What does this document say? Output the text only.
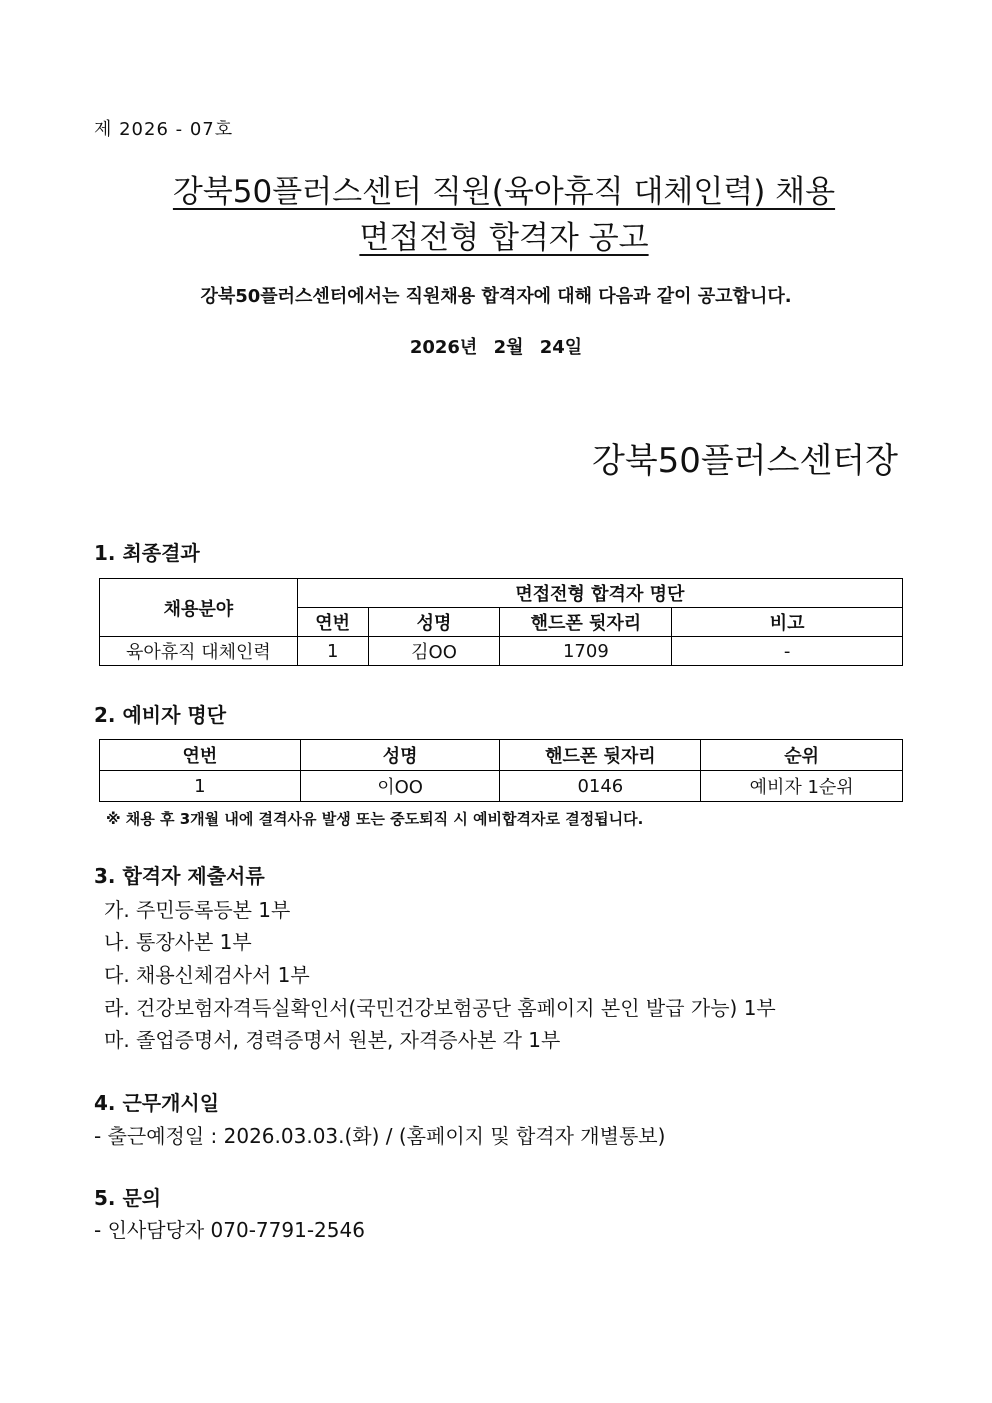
제 2026 - 07호
강북50플러스센터 직원(육아휴직 대체인력) 채용
면접전형 합격자 공고
강북50플러스센터에서는 직원채용 합격자에 대해 다음과 같이 공고합니다.
2026년 2월 24일
강북50플러스센터장
1. 최종결과
채용분야	면접전형 합격자 명단			
	연번	성명	핸드폰 뒷자리	비고
육아휴직 대체인력	1	김OO	1709	-
2. 예비자 명단
연번	성명	핸드폰 뒷자리	순위
1	이OO	0146	예비자 1순위
※ 채용 후 3개월 내에 결격사유 발생 또는 중도퇴직 시 예비합격자로 결정됩니다.
3. 합격자 제출서류
가. 주민등록등본 1부
나. 통장사본 1부
다. 채용신체검사서 1부
라. 건강보험자격득실확인서(국민건강보험공단 홈페이지 본인 발급 가능) 1부
마. 졸업증명서, 경력증명서 원본, 자격증사본 각 1부
4. 근무개시일
- 출근예정일 : 2026.03.03.(화) / (홈페이지 및 합격자 개별통보)
5. 문의
- 인사담당자 070-7791-2546
